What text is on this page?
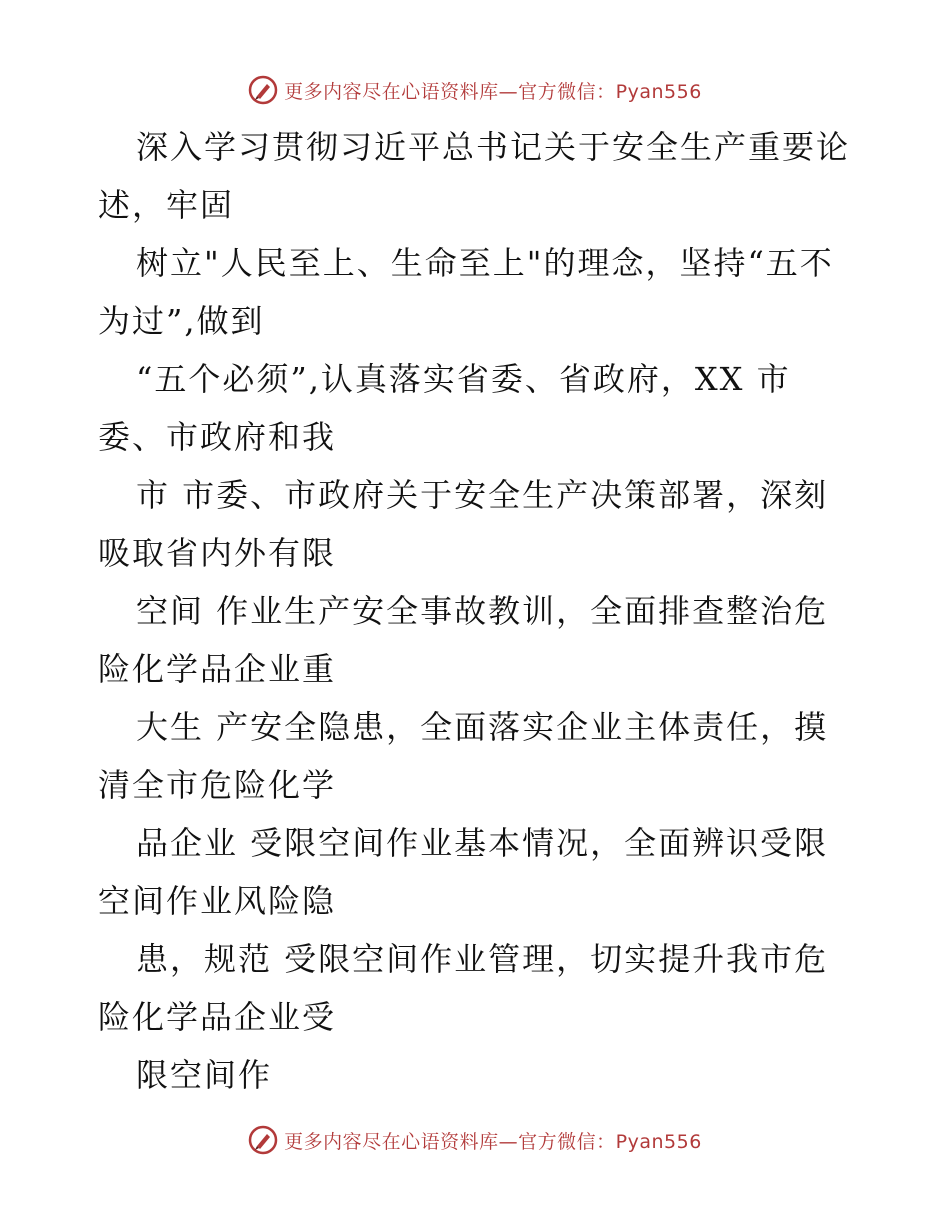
更多内容尽在心语资料库—官方微信：Pyan556
深入学习贯彻习近平总书记关于安全生产重要论
述，牢固
树立"人民至上、生命至上"的理念，坚持“五不
为过”,做到
“五个必须”,认真落实省委、省政府，XX 市
委、市政府和我
市 市委、市政府关于安全生产决策部署，深刻
吸取省内外有限
空间 作业生产安全事故教训，全面排查整治危
险化学品企业重
大生 产安全隐患，全面落实企业主体责任，摸
清全市危险化学
品企业 受限空间作业基本情况，全面辨识受限
空间作业风险隐
患，规范 受限空间作业管理，切实提升我市危
险化学品企业受
限空间作
更多内容尽在心语资料库—官方微信：Pyan556
